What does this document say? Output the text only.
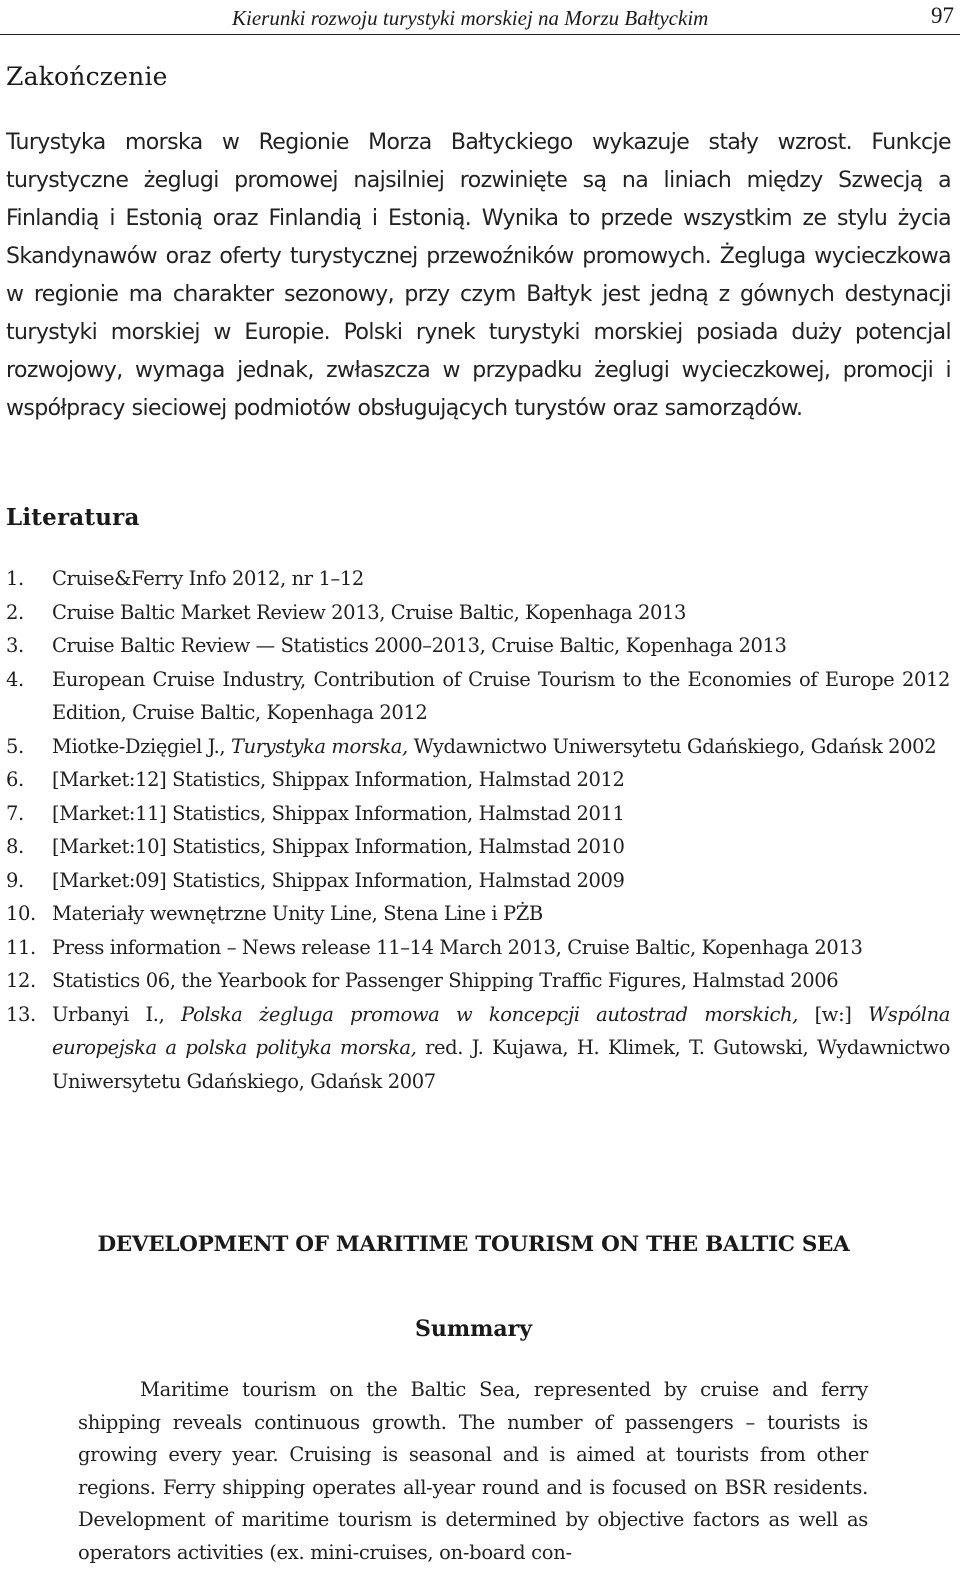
Kierunki rozwoju turystyki morskiej na Morzu Bałtyckim	97
Zakończenie

Turystyka morska w Regionie Morza Bałtyckiego wykazuje stały wzrost. Funkcje turystyczne żeglugi promowej najsilniej rozwinięte są na liniach między Szwecją a Finlandią i Estonią oraz Finlandią i Estonią. Wynika to przede wszystkim ze stylu życia Skandynawów oraz oferty turystycznej przewoźników promowych. Żegluga wycieczkowa w regionie ma charakter sezonowy, przy czym Bałtyk jest jedną z gównych destynacji turystyki morskiej w Europie. Polski rynek turystyki morskiej posiada duży potencjal rozwojowy, wymaga jednak, zwłaszcza w przypadku żeglugi wycieczkowej, promocji i współpracy sieciowej podmiotów obsługujących turystów oraz samorządów.

Literatura
1. Cruise&Ferry Info 2012, nr 1–12
2. Cruise Baltic Market Review 2013, Cruise Baltic, Kopenhaga 2013
3. Cruise Baltic Review — Statistics 2000–2013, Cruise Baltic, Kopenhaga 2013
4. European Cruise Industry, Contribution of Cruise Tourism to the Economies of Europe 2012 Edition, Cruise Baltic, Kopenhaga 2012
5. Miotke-Dzięgiel J., Turystyka morska, Wydawnictwo Uniwersytetu Gdańskiego, Gdańsk 2002
6. [Market:12] Statistics, Shippax Information, Halmstad 2012
7. [Market:11] Statistics, Shippax Information, Halmstad 2011
8. [Market:10] Statistics, Shippax Information, Halmstad 2010
9. [Market:09] Statistics, Shippax Information, Halmstad 2009
10. Materiały wewnętrzne Unity Line, Stena Line i PŻB
11. Press information – News release 11–14 March 2013, Cruise Baltic, Kopenhaga 2013
12. Statistics 06, the Yearbook for Passenger Shipping Traffic Figures, Halmstad 2006
13. Urbanyi I., Polska żegluga promowa w koncepcji autostrad morskich, [w:] Wspólna europejska a polska polityka morska, red. J. Kujawa, H. Klimek, T. Gutowski, Wydawnictwo Uniwersytetu Gdańskiego, Gdańsk 2007
DEVELOPMENT OF MARITIME TOURISM ON THE BALTIC SEA
Summary

Maritime tourism on the Baltic Sea, represented by cruise and ferry shipping reveals continuous growth. The number of passengers – tourists is growing every year. Cruising is seasonal and is aimed at tourists from other regions. Ferry shipping operates all-year round and is focused on BSR residents. Development of maritime tourism is determined by objective factors as well as operators activities (ex. mini-cruises, on-board con-
